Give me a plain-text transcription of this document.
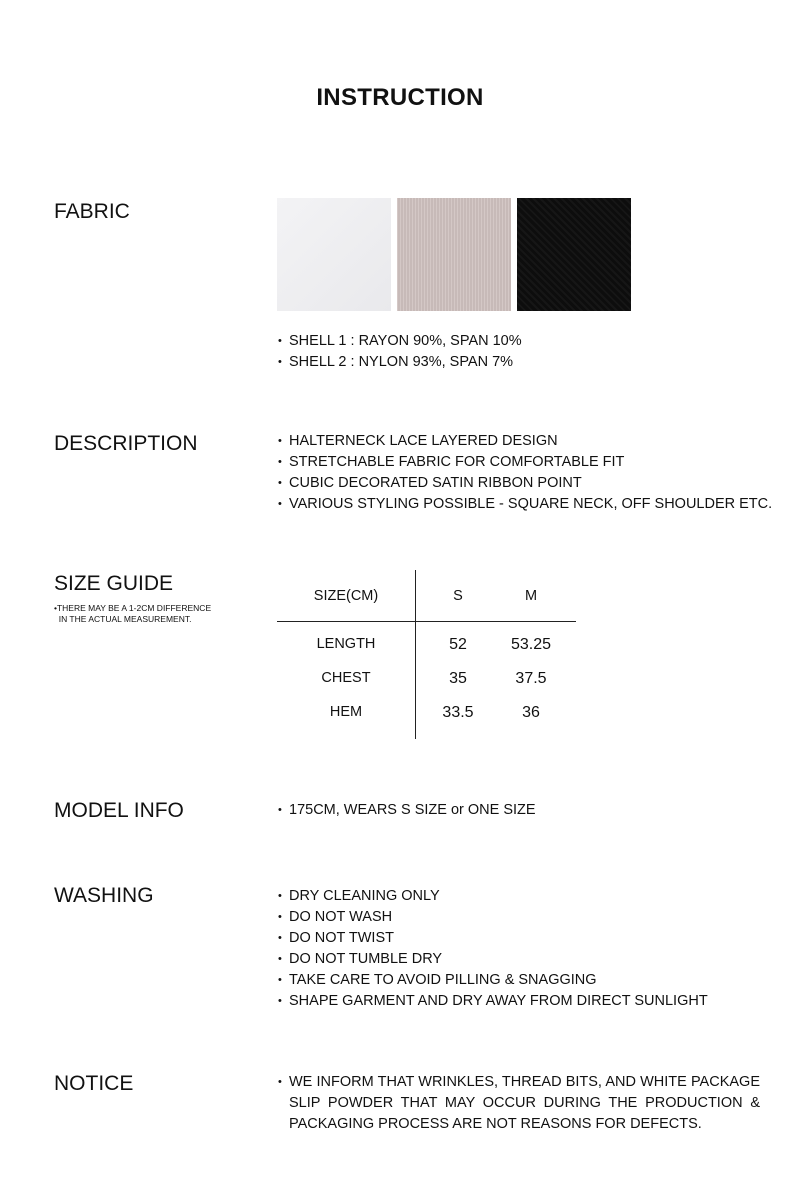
INSTRUCTION
FABRIC
• SHELL 1 : RAYON 90%, SPAN 10%
• SHELL 2 : NYLON 93%, SPAN 7%
DESCRIPTION	• HALTERNECK LACE LAYERED DESIGN
• STRETCHABLE FABRIC FOR COMFORTABLE FIT
• CUBIC DECORATED SATIN RIBBON POINT
• VARIOUS STYLING POSSIBLE - SQUARE NECK, OFF SHOULDER ETC.
SIZE GUIDE
•THERE MAY BE A 1-2CM DIFFERENCE
IN THE ACTUAL MEASUREMENT.
SIZE(CM)	S	M
LENGTH	52	53.25
CHEST	35	37.5
HEM	33.5	36
MODEL INFO	• 175CM, WEARS S SIZE or ONE SIZE
WASHING	• DRY CLEANING ONLY
• DO NOT WASH
• DO NOT TWIST
• DO NOT TUMBLE DRY
• TAKE CARE TO AVOID PILLING & SNAGGING
• SHAPE GARMENT AND DRY AWAY FROM DIRECT SUNLIGHT
NOTICE	• WE INFORM THAT WRINKLES, THREAD BITS, AND WHITE PACKAGE SLIP POWDER THAT MAY OCCUR DURING THE PRODUCTION & PACKAGING PROCESS ARE NOT REASONS FOR DEFECTS.
